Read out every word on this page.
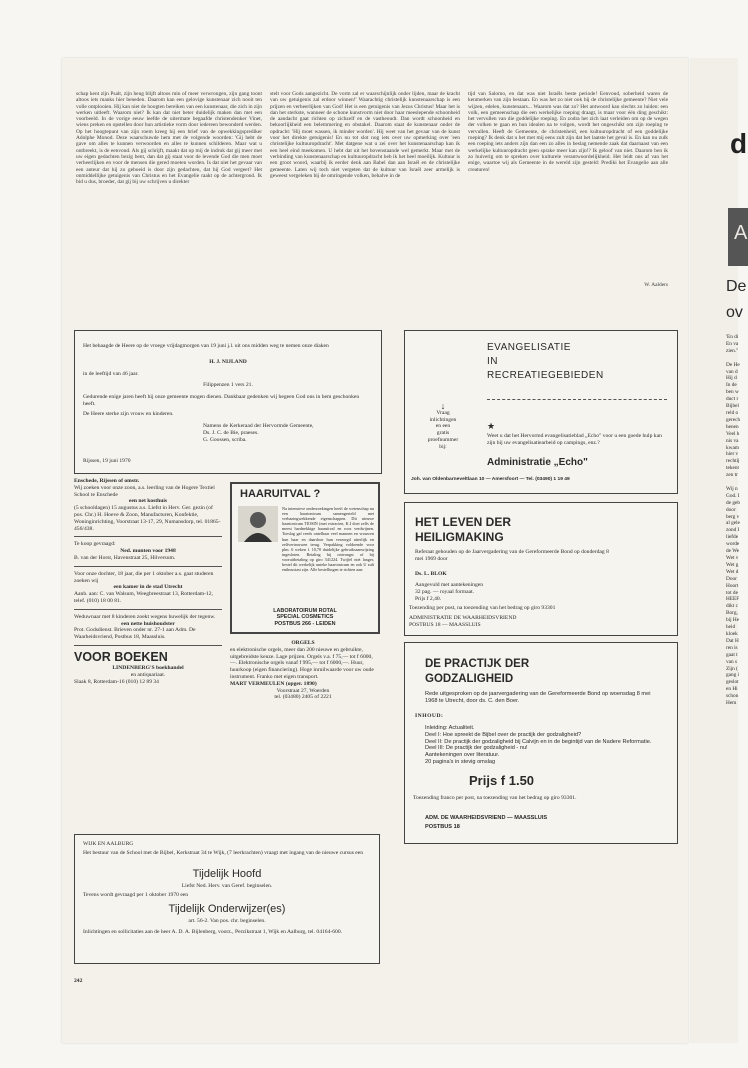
schap kent zijn Psalt, zijn heug blijft altoos min of meer verwrongen, zijn gang toont altoos iets manks hier beneden. Daarom kan een gelovige kunstenaar zich nooit ten volle ontplooien. Hij kan niet de hoogten bereiken van een kunstenaar, die zich in zijn werken uitleeft. Waarom niet? Ik kan dat niet beter duidelijk maken dan met een voorbeeld. In de vorige eeuw leefde de uitermate begaafde christendenker Vinet, wiens preken en opstellen door hun artistieke vorm door iedereen bewonderd werden. Op het hoogtepunt van zijn roem kreeg hij een brief van de opwekkingsprediker Adolphe Monod. Deze waarschuwde hem met de volgende woorden: 'Gij hebt de gave om alles te kunnen verwoorden en alles te kunnen schilderen. Maar wat u ontbreekt, is de eenvoud. Als gij schrijft, maakt dat op mij de indruk dat gij meer met uw eigen gedachten bezig bent, dan dat gij staat voor de levende God die men moet verheerlijken en voor de mensen die gered moeten worden. Is dat niet het gevaar van een auteur dat hij zo geboeid is door zijn gedachten, dat hij God vergeet? Het onmiddellijke getuigenis van Christus en het Evangelie raakt op de achtergrond. Ik bid u dus, broeder, dat gij bij uw schrijven u direkter
stelt voor Gods aangezicht. De vorm zal er waarschijnlijk onder lijden, maar de kracht van uw getuigenis zal erdoor winnen!' Waarachtig christelijk kunstenaarschap is een prijzen en verheerlijken van God! Het is een getuigenis van Jezus Christus! Maar het is dan het sterkste, wanneer de schone kunstvorm niet door haar meeslepende schoonheid de aandacht gaat richten op zichzelf en de vastheoudt. Dan wordt schoonheid en bekoorlijkheid een belemmering en obstakel. Daarom staat de kunstenaar onder de opdracht: 'Hij moet wassen, ik minder worden'. Hij weet van het gevaar van de kunst voor het direkte getuigenis! En nu tot slot nog iets over uw opmerking over 'een christelijke kultuuropdracht'. Met datgene wat u zei over het kunstenaarschap kan ik een heel eind meekomen. U hebt dat uit het bovenstaande wel gemerkt. Maar met de verbinding van kunstenaarschap en kultuuropdracht heb ik het heel moeilijk. Kultuur is een groot woord, waarbij ik eerder denk aan Babel dan aan Israël en de christelijke gemeente. Laten wij toch niet vergeten dat de kultuur van Israël zeer armelijk is geweest vergeleken bij de omringende volken, behalve in de
tijd van Salomo, en dat was niet Israëls beste periode! Eenvoud, soberheid waren de kenmerken van zijn bestaan. En was het zo niet ook bij de christelijke gemeente? Niet vele wijzen, edelen, kunstenaars... Waarom was dat zo? Het antwoord kan slechts zo luiden: een volk, een gemeenschap die een werkelijke roeping draagt, is maar voor één ding geschikt: het vervullen van die goddelijke roeping. En zodra het zich laat verleiden om op de wegen der volken te gaan en hun idealen na te volgen, wordt het ongeschikt om zijn roeping te vervullen. Heeft de Gemeente, de christenheid, een kultuuropdracht of een goddelijke roeping? Ik denk dat u het met mij eens zult zijn dat het laatste het geval is. En kan nu zulk een roeping iets anders zijn dan een zo alles in beslag nemende zaak dat daarnaast van een werkelijke kultuuropdracht geen sprake meer kan zijn!? Ik geloof van niet. Daarom ben ik zo huiverig om te spreken over kulturele verantwoordelijkheid. Het leidt ons af van het enige, waartoe wij als Gemeente in de wereld zijn gesteld: Prediki het Evangelie aan alle creaturen!
W. Aalders
Het behaagde de Heere op de vroege vrijdagmorgen van 19 juni j.l. uit ons midden weg te nemen onze diaken
H. J. NIJLAND
in de leeftijd van 46 jaar.
Filippenzen 1 vers 21.
Gedurende enige jaren heeft hij onze gemeente mogen dienen. Dankbaar gedenken wij hegeen God ons in hem geschonken heeft.
De Heere sterke zijn vrouw en kinderen.
Namens de Kerkeraad der Hervormde Gemeente,
Ds. J. C. de Bie, praeses.
G. Goossen, scriba.
Rijssen, 19 juni 1970
EVANGELISATIE
IN
RECREATIEGEBIEDEN
↓
Vraag
inlichtingen
en een
gratis
proefnummer
bij:
★
Weet u dat het Hervormd evangelisatieblad „Echo" voor u een goede hulp kan zijn bij uw evangelisatiearbeid op campings, enz.?
Administratie „Echo"
Joh. van Oldenbarneveltlaan 10 — Amersfoort — Tel. (03490) 1 19 49
Enschede, Rijssen of omstr.
Wij zoeken voor onze zoon, a.s. leerling van de Hogere Textiel School te Enschede
een net kosthuis
(5 schooldagen) 15 augustus a.s. Liefst in Herv. Ger. gezin (of pos. Chr.) H. Hoeve & Zoon, Manufacturen, Konfektie, Woninginrichting, Voorstraat 13-17, 29, Numansdorp, tel. 01865-456/438.
Te koop gevraagd:
Ned. munten voor 1948
B. van der Horst, Havenstraat 25, Hilversum.
Voor onze dochter, 18 jaar, die per 1 oktober a.s. gaat studeren zoeken wij
een kamer in de stad Utrecht
Aanb. aan: C. van Walsum, Weegbreestraat 13, Rotterdam-12, telef. (010) 18 00 81.
Weduwnaar met 8 kinderen zoekt wegens huwelijk der tegenw.
een nette huishoudster
Prot. Godsdienst. Brieven onder nr. 27-1 aan Adm. De Waarheidsvriend, Postbus 18, Maassluis.
VOOR BOEKEN
LINDENBERG'S boekhandel
en antiquariaat.
Slaak 8, Rotterdam-16 (010) 12 89 34
HAARUITVAL ?
Na intensieve onderzoekingen heeft de wetenschap nu een haartonicum samengesteld met verbazingwekkende eigenschappen. Dit nieuwe haartonicum TIOSIN (met extracten, K.I doet zelfs de meest hardnekkige haaruitval en roos verdwijnen. Toeslag gaf reeds ontelbaar veel mannen en vrouwen hun haar en daardoor hun verzorgd uiterlijk en zelfvertrouwen terug. Verpakking voldoende voor plm. 6 weken f. 10,70 duidelijke gebruiksaanwijzing ingesloten. Betaling bij ontvangst of bij vooruitbetaling op giro 341224. Twijfel niet langer, bestel dit werkelijk unieke haartonicum en ook U zult enthousiast zijn. Alle bestellingen te richten aan:
LABORATOIRUM ROTAL
SPECIAL COSMETICS
POSTBUS 266 - LEIDEN
ORGELS
en elektronische orgels, meer dan 200 nieuwe en gebruikte, uitgebreidste keuze. Lage prijzen. Orgels v.a. f 75,— tot f 6000,—. Elektronische orgels vanaf f 995,— tot f 6000,—. Huur, huurkoop (eigen financiering). Hoge inruilwaarde voor uw oude instrument. Franko met eigen transport.
MART VERMEULEN (opger. 1890)
Voorstraat 27, Woerden
tel. (03480) 2405 of 2221
HET LEVEN DER
HEILIGMAKING
Referaat gehouden op de Jaarvergadering van de Gereformeerde Bond op donderdag 8 mei 1969 door
Ds. L. BLOK
Aangevuld met aantekeningen
32 pag. — royaal formaat.
Prijs f 2,40.
Toezending per post, na toezending van het bedrag op giro 93301
ADMINISTRATIE DE WAARHEIDSVRIEND
POSTBUS 18 — MAASSLUIS
DE PRACTIJK DER
GODZALIGHEID
Rede uitgesproken op de jaarvergadering van de Gereformeerde Bond op woensdag 8 mei 1968 te Utrecht, door ds. C. den Boer.
INHOUD:
Inleiding: Actualiteit.
Deel I: Hoe spreekt de Bijbel over de practijk der godzaligheid?
Deel II: De practijk der godzaligheid bij Calvijn en in de begintijd van de Nadere Reformatie.
Deel III: De practijk der godzaligheid - nu!
Aantekeningen over literatuur.
20 pagina's in stevig omslag
Prijs f 1.50
Toezending franco per post, na toezending van het bedrag op giro 93301.
ADM. DE WAARHEIDSVRIEND — MAASSLUIS
POSTBUS 18
WIJK EN AALBURG
Het bestuur van de School met de Bijbel, Kerkstraat 34 te Wijk, (7 leerkrachten) vraagt met ingang van de nieuwe cursus een
Tijdelijk Hoofd
Liefst Ned. Herv. van Geref. beginselen.
Tevens wordt gevraagd per 1 oktober 1970 een
Tijdelijk Onderwijzer(es)
art. 56-2. Van pos. chr. beginselen.
Inlichtingen en sollicitaties aan de heer A. D. A. Bijlenberg, voorz., Perzikstraat 1, Wijk en Aalburg, tel. 04164-600.
242
d
A
De
ov
'En di
En va
zien."

De He
van d
Hij d
In de
ben w
duct r
Bijbel
reld o
gerech
henen
Veel h
nis va
kwam
hier v
rechtij
tekent
zen tr

Wij n
God. I
de geb
door
berg v
al gele
zond I
liefde
worde
de We
Wet v
Wet g
Wet d
Door
Hoort
tot de
HEEF
dikt c
Borg,
bij He
heid
kloek
Dat H
ren is
gaat t
van s
Zijn (
gang i
geslot
en Hi
schon
Hem
